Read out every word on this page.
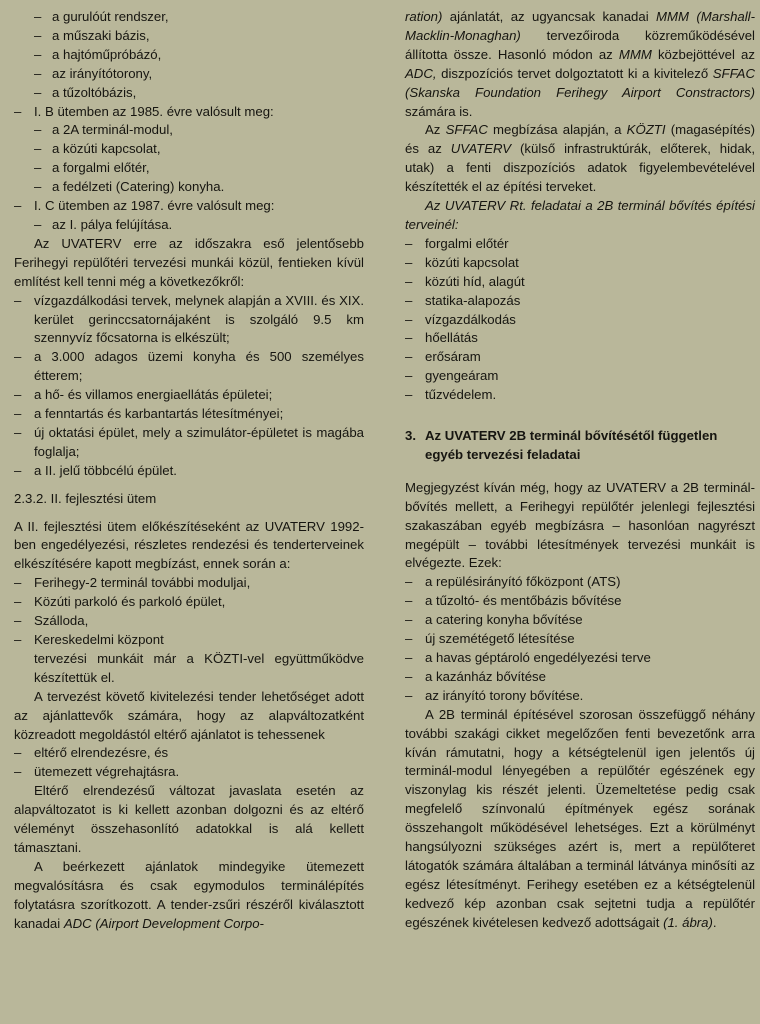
– a gurulóút rendszer,
– a műszaki bázis,
– a hajtóműpróbázó,
– az irányítótorony,
– a tűzoltóbázis,
– I. B ütemben az 1985. évre valósult meg:
– a 2A terminál-modul,
– a közúti kapcsolat,
– a forgalmi előtér,
– a fedélzeti (Catering) konyha.
– I. C ütemben az 1987. évre valósult meg:
– az I. pálya felújítása.

Az UVATERV erre az időszakra eső jelentősebb Ferihegyi repülőtéri tervezési munkái közül, fentieken kívül említést kell tenni még a következőkről:

– vízgazdálkodási tervek, melynek alapján a XVIII. és XIX. kerület gerinccsatornájaként is szolgáló 9.5 km szennyvíz főcsatorna is elkészült;
– a 3.000 adagos üzemi konyha és 500 személyes étterem;
– a hő- és villamos energiaellátás épületei;
– a fenntartás és karbantartás létesítményei;
– új oktatási épület, mely a szimulátor-épületet is magába foglalja;
– a II. jelű többcélú épület.
2.3.2. II. fejlesztési ütem

A II. fejlesztési ütem előkészítéseként az UVATERV 1992-ben engedélyezési, részletes rendezési és tenderterveinek elkészítésére kapott megbízást, ennek során a:

– Ferihegy-2 terminál további moduljai,
– Közúti parkoló és parkoló épület,
– Szálloda,
– Kereskedelmi központ

tervezési munkáit már a KÖZTI-vel együttműködve készítettük el.

A tervezést követő kivitelezési tender lehetőséget adott az ajánlattevők számára, hogy az alapváltozatként közreadott megoldástól eltérő ajánlatot is tehessenek

– eltérő elrendezésre, és
– ütemezett végrehajtásra.

Eltérő elrendezésű változat javaslata esetén az alapváltozatot is ki kellett azonban dolgozni és az eltérő véleményt összehasonlító adatokkal is alá kellett támasztani.

A beérkezett ajánlatok mindegyike ütemezett megvalósításra és csak egymodulos terminálépítés folytatásra szorítkozott. A tender-zsűri részéről kiválasztott kanadai ADC (Airport Development Corpo-

ration) ajánlatát, az ugyancsak kanadai MMM (Marshall-Macklin-Monaghan) tervezőiroda közreműködésével állította össze. Hasonló módon az MMM közbejöttével az ADC, diszpozíciós tervet dolgoztatott ki a kivitelező SFFAC (Skanska Foundation Ferihegy Airport Constractors) számára is.

Az SFFAC megbízása alapján, a KÖZTI (magasépítés) és az UVATERV (külső infrastruktúrák, előterek, hidak, utak) a fenti diszpozíciós adatok figyelembevételével készítették el az építési terveket.

Az UVATERV Rt. feladatai a 2B terminál bővítés építési terveinél:

– forgalmi előtér
– közúti kapcsolat
– közúti híd, alagút
– statika-alapozás
– vízgazdálkodás
– hőellátás
– erősáram
– gyengeáram
– tűzvédelem.
3. Az UVATERV 2B terminál bővítésétől független egyéb tervezési feladatai

Megjegyzést kíván még, hogy az UVATERV a 2B terminál-bővítés mellett, a Ferihegyi repülőtér jelenlegi fejlesztési szakaszában egyéb megbízásra – hasonlóan nagyrészt megépült – további létesítmények tervezési munkáit is elvégezte. Ezek:

– a repülésirányító főközpont (ATS)
– a tűzoltó- és mentőbázis bővítése
– a catering konyha bővítése
– új szemétégető létesítése
– a havas géptároló engedélyezési terve
– a kazánház bővítése
– az irányító torony bővítése.

A 2B terminál építésével szorosan összefüggő néhány további szakági cikket megelőzően fenti bevezetőnk arra kíván rámutatni, hogy a kétségtelenül igen jelentős új terminál-modul lényegében a repülőtér egészének egy viszonylag kis részét jelenti. Üzemeltetése pedig csak megfelelő színvonalú építmények egész sorának összehangolt működésével lehetséges. Ezt a körülményt hangsúlyozni szükséges azért is, mert a repülőteret látogatók számára általában a terminál látványa minősíti az egész létesítményt. Ferihegy esetében ez a kétségtelenül kedvező kép azonban csak sejtetni tudja a repülőtér egészének kivételesen kedvező adottságait (1. ábra).
